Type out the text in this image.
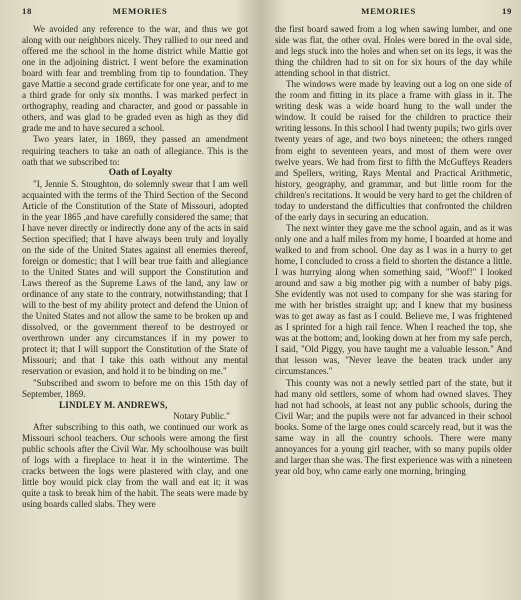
18	MEMORIES

We avoided any reference to the war, and thus we got along with our neighbors nicely. They rallied to our need and offered me the school in the home district while Mattie got one in the adjoining district. I went before the examination board with fear and trembling from tip to foundation. They gave Mattie a second grade certificate for one year, and to me a third grade for only six months. I was marked perfect in orthography, reading and character, and good or passable in others, and was glad to be graded even as high as they did grade me and to have secured a school.

Two years later, in 1869, they passed an amendment requiring teachers to take an oath of allegiance. This is the oath that we subscribed to:

Oath of Loyalty

"I, Jennie S. Stoughton, do solemnly swear that I am well acquainted with the terms of the Third Section of the Second Article of the Constitution of the State of Missouri, adopted in the year 1865 ,and have carefully considered the same; that I have never directly or indirectly done any of the acts in said Section specified; that I have always been truly and loyally on the side of the United States against all enemies thereof, foreign or domestic; that I will bear true faith and allegiance to the United States and will support the Constitution and Laws thereof as the Supreme Laws of the land, any law or ordinance of any state to the contrary, notwithstanding; that I will to the best of my ability protect and defend the Union of the United States and not allow the same to be broken up and dissolved, or the government thereof to be destroyed or overthrown under any circumstances if in my power to protect it; that I will support the Constitution of the State of Missouri; and that I take this oath without any mental reservation or evasion, and hold it to be binding on me."

"Subscribed and sworn to before me on this 15th day of September, 1869.

LINDLEY M. ANDREWS,

Notary Public."

After subscribing to this oath, we continued our work as Missouri school teachers. Our schools were among the first public schools after the Civil War. My schoolhouse was built of logs with a fireplace to heat it in the wintertime. The cracks between the logs were plastered with clay, and one little boy would pick clay from the wall and eat it; it was quite a task to break him of the habit. The seats were made by using boards called slabs. They were

MEMORIES	19

the first board sawed from a log when sawing lumber, and one side was flat, the other oval. Holes were bored in the oval side, and legs stuck into the holes and when set on its legs, it was the thing the children had to sit on for six hours of the day while attending school in that district.

The windows were made by leaving out a log on one side of the room and fitting in its place a frame with glass in it. The writing desk was a wide board hung to the wall under the window. It could be raised for the children to practice their writing lessons. In this school I had twenty pupils; two girls over twenty years of age, and two boys nineteen; the others ranged from eight to seventeen years, and most of them were over twelve years. We had from first to fifth the McGuffeys Readers and Spellers, writing, Rays Mental and Practical Arithmetic, history, geography, and grammar, and but little room for the children's recitations. It would be very hard to get the children of today to understand the difficulties that confronted the children of the early days in securing an education.

The next winter they gave me the school again, and as it was only one and a half miles from my home, I boarded at home and walked to and from school. One day as I was in a hurry to get home, I concluded to cross a field to shorten the distance a little. I was hurrying along when something said, "Woof!" I looked around and saw a big mother pig with a number of baby pigs. She evidently was not used to company for she was staring for me with her bristles straight up; and I knew that my business was to get away as fast as I could. Believe me, I was frightened as I sprinted for a high rail fence. When I reached the top, she was at the bottom; and, looking down at her from my safe perch, I said, "Old Piggy, you have taught me a valuable lesson." And that lesson was, "Never leave the beaten track under any circumstances."

This county was not a newly settled part of the state, but it had many old settlers, some of whom had owned slaves. They had not had schools, at least not any public schools, during the Civil War; and the pupils were not far advanced in their school books. Some of the large ones could scarcely read, but it was the same way in all the country schools. There were many annoyances for a young girl teacher, with so many pupils older and larger than she was. The first experience was with a nineteen year old boy, who came early one morning, bringing
